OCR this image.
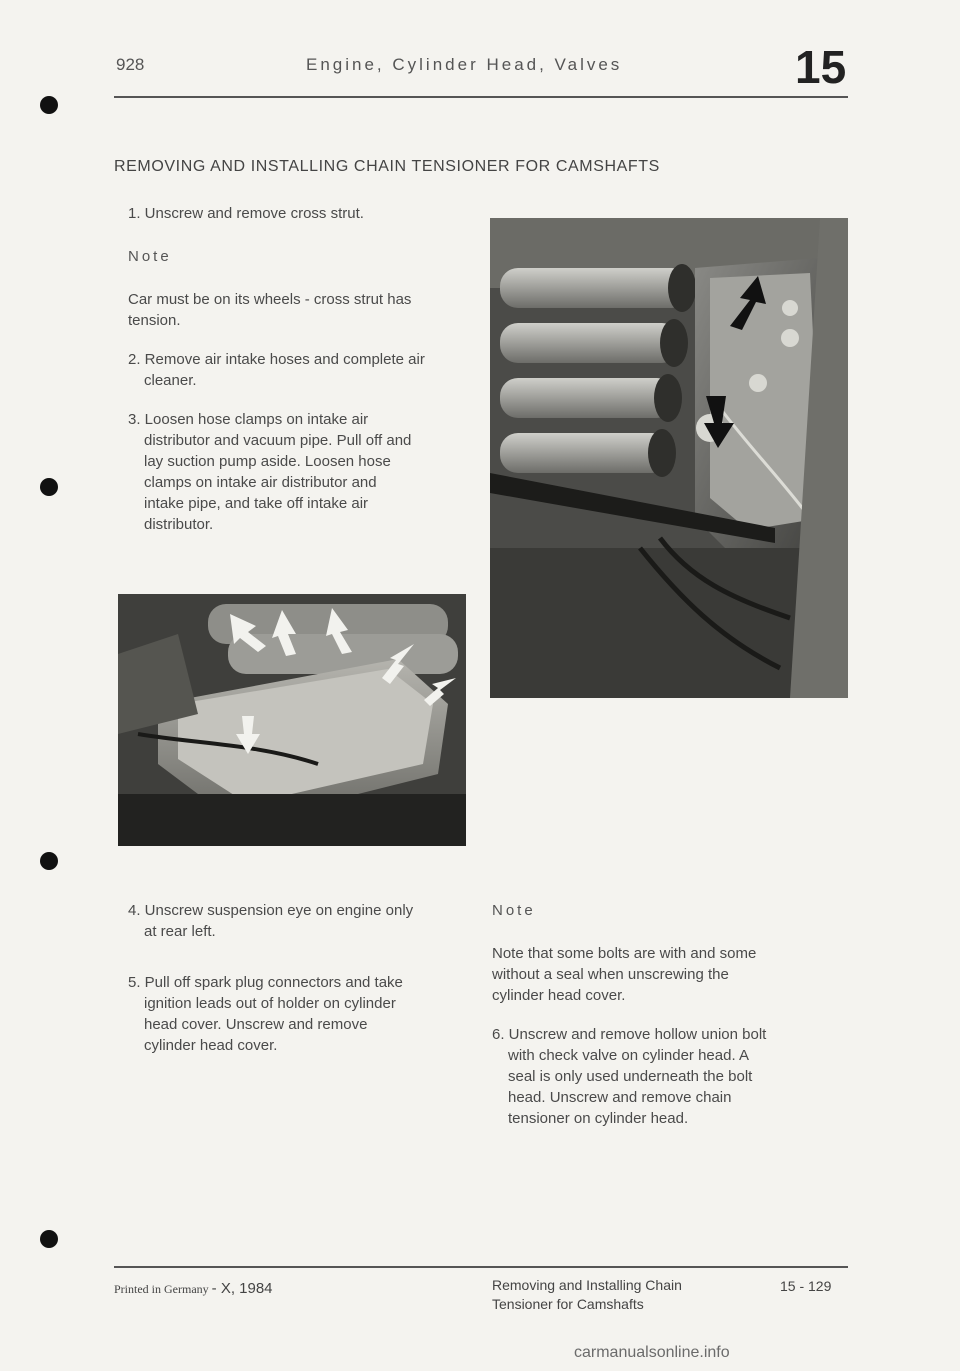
928	Engine, Cylinder Head, Valves	15
REMOVING AND INSTALLING CHAIN TENSIONER FOR CAMSHAFTS
1. Unscrew and remove cross strut.
Note
Car must be on its wheels - cross strut has
tension.
2. Remove air intake hoses and complete air
cleaner.
3. Loosen hose clamps on intake air
distributor and vacuum pipe. Pull off and
lay suction pump aside. Loosen hose
clamps on intake air distributor and
intake pipe, and take off intake air
distributor.
4. Unscrew suspension eye on engine only
at rear left.
5. Pull off spark plug connectors and take
ignition leads out of holder on cylinder
head cover. Unscrew and remove
cylinder head cover.
Note
Note that some bolts are with and some
without a seal when unscrewing the
cylinder head cover.
6. Unscrew and remove hollow union bolt
with check valve on cylinder head. A
seal is only used underneath the bolt
head. Unscrew and remove chain
tensioner on cylinder head.
Printed in Germany - X, 1984	Removing and Installing Chain
Tensioner for Camshafts
15 - 129
carmanualsonline.info
